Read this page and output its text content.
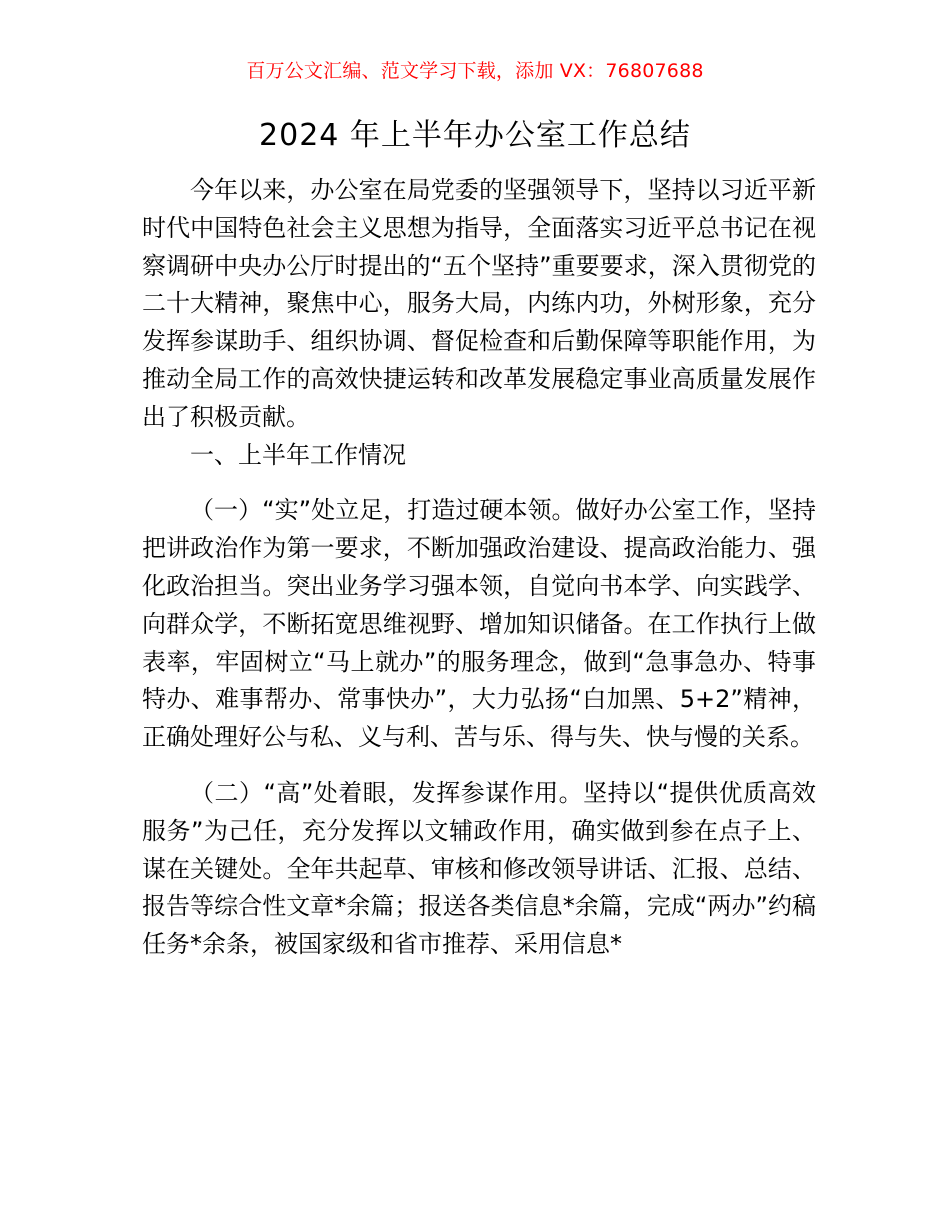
百万公文汇编、范文学习下载，添加 VX：76807688
2024 年上半年办公室工作总结

今年以来，办公室在局党委的坚强领导下，坚持以习近平新时代中国特色社会主义思想为指导，全面落实习近平总书记在视察调研中央办公厅时提出的“五个坚持”重要要求，深入贯彻党的二十大精神，聚焦中心，服务大局，内练内功，外树形象，充分发挥参谋助手、组织协调、督促检查和后勤保障等职能作用，为推动全局工作的高效快捷运转和改革发展稳定事业高质量发展作出了积极贡献。

一、上半年工作情况

（一）“实”处立足，打造过硬本领。做好办公室工作，坚持把讲政治作为第一要求，不断加强政治建设、提高政治能力、强化政治担当。突出业务学习强本领，自觉向书本学、向实践学、向群众学，不断拓宽思维视野、增加知识储备。在工作执行上做表率，牢固树立“马上就办”的服务理念，做到“急事急办、特事特办、难事帮办、常事快办”，大力弘扬“白加黑、5+2”精神，正确处理好公与私、义与利、苦与乐、得与失、快与慢的关系。

（二）“高”处着眼，发挥参谋作用。坚持以“提供优质高效服务”为己任，充分发挥以文辅政作用，确实做到参在点子上、谋在关键处。全年共起草、审核和修改领导讲话、汇报、总结、报告等综合性文章*余篇；报送各类信息*余篇，完成“两办”约稿任务*余条，被国家级和省市推荐、采用信息*
